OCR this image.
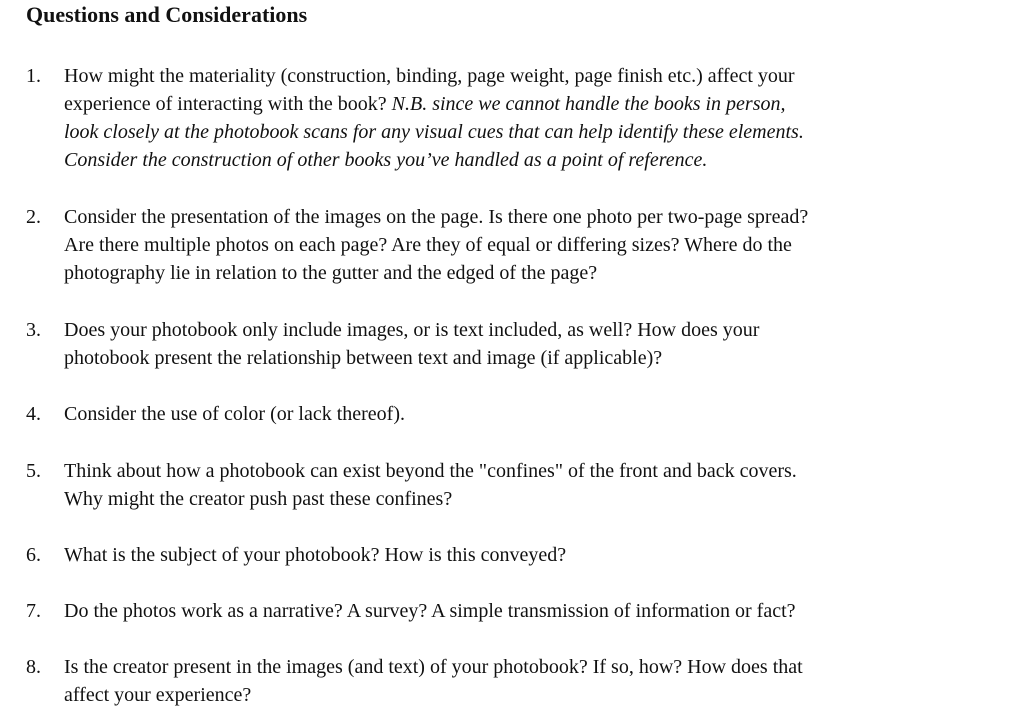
Questions and Considerations
1.	How might the materiality (construction, binding, page weight, page finish etc.) affect your
experience of interacting with the book? N.B. since we cannot handle the books in person,
look closely at the photobook scans for any visual cues that can help identify these elements.
Consider the construction of other books you’ve handled as a point of reference.
2.	Consider the presentation of the images on the page. Is there one photo per two-page spread?
Are there multiple photos on each page? Are they of equal or differing sizes? Where do the
photography lie in relation to the gutter and the edged of the page?
3.	Does your photobook only include images, or is text included, as well? How does your
photobook present the relationship between text and image (if applicable)?
4.	Consider the use of color (or lack thereof).
5.	Think about how a photobook can exist beyond the "confines" of the front and back covers.
Why might the creator push past these confines?
6.	What is the subject of your photobook? How is this conveyed?
7.	Do the photos work as a narrative? A survey? A simple transmission of information or fact?
8.	Is the creator present in the images (and text) of your photobook? If so, how? How does that
affect your experience?
